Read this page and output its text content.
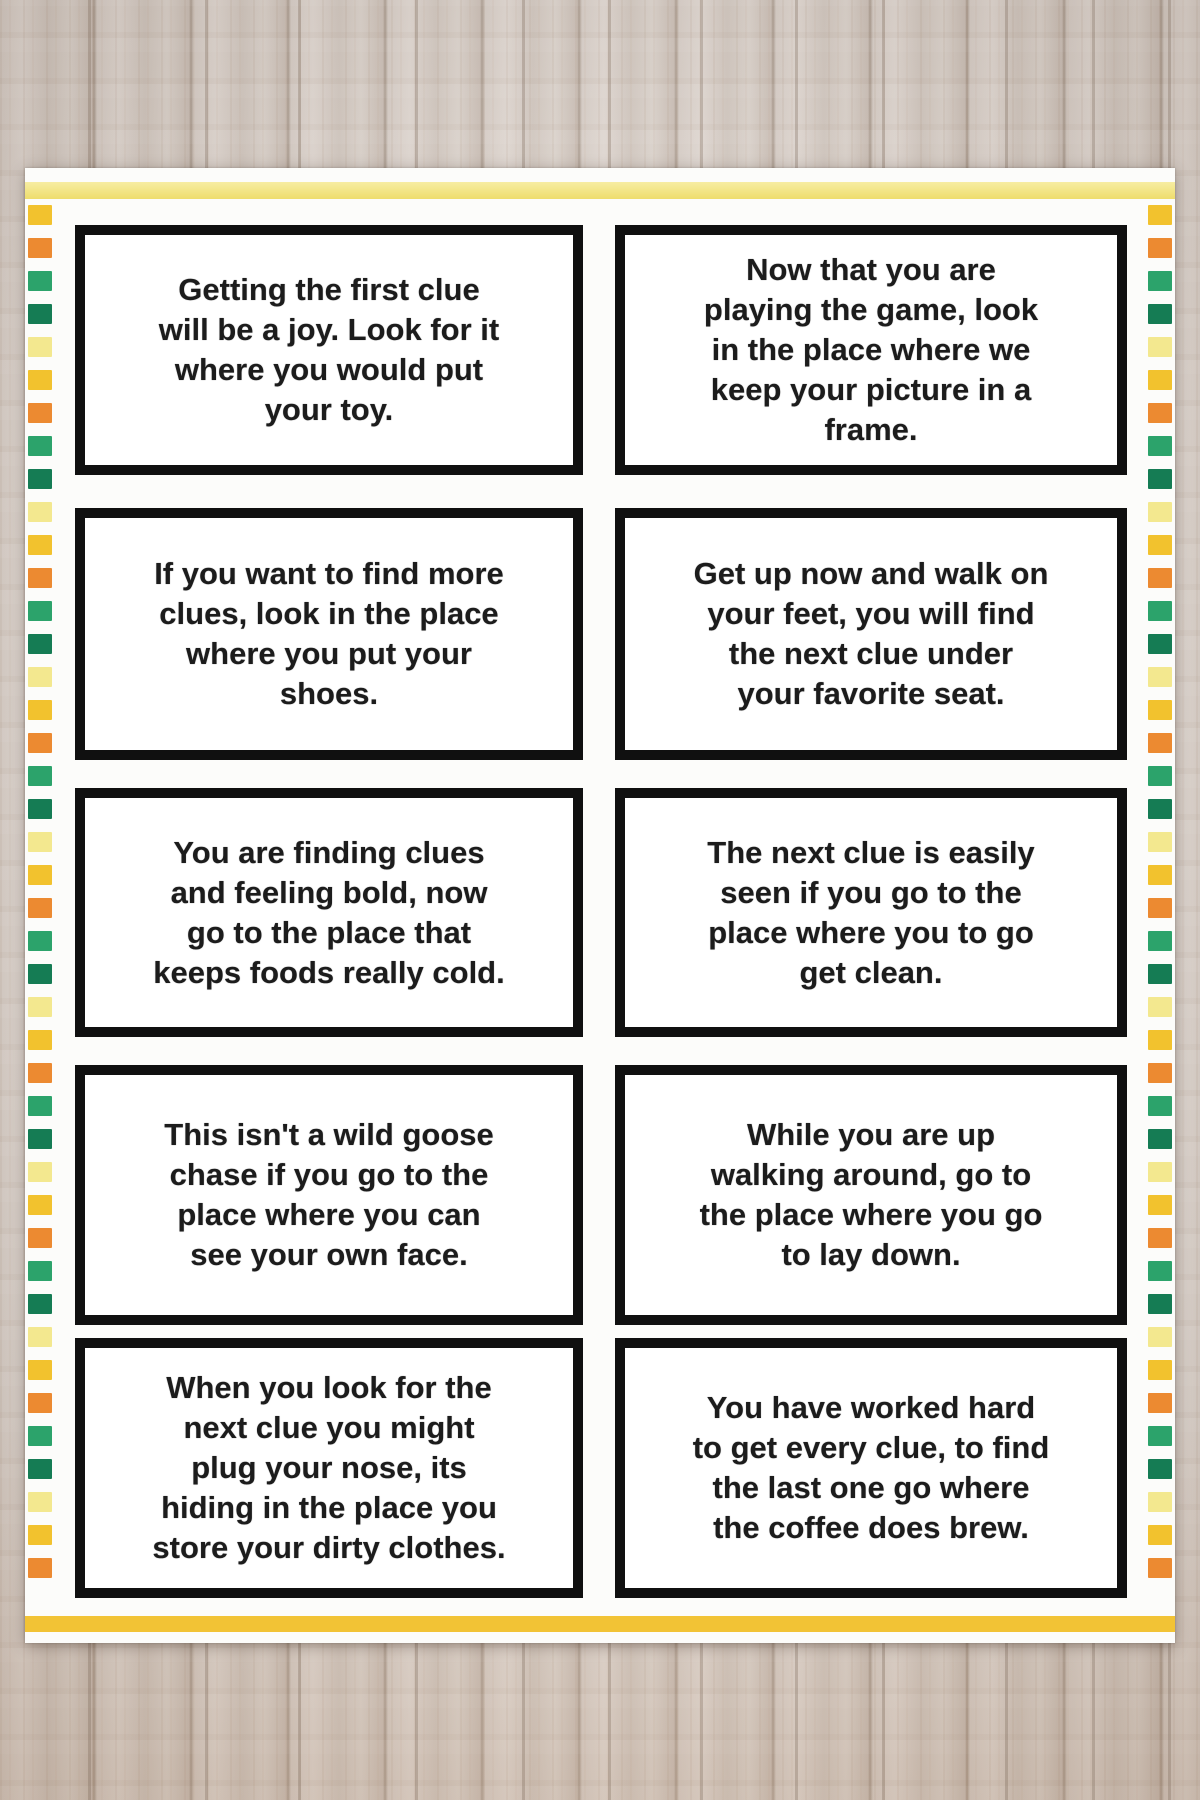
Getting the first clue
will be a joy. Look for it
where you would put
your toy.
Now that you are
playing the game, look
in the place where we
keep your picture in a
frame.
If you want to find more
clues, look in the place
where you put your
shoes.
Get up now and walk on
your feet, you will find
the next clue under
your favorite seat.
You are finding clues
and feeling bold, now
go to the place that
keeps foods really cold.
The next clue is easily
seen if you go to the
place where you to go
get clean.
This isn't a wild goose
chase if you go to the
place where you can
see your own face.
While you are up
walking around, go to
the place where you go
to lay down.
When you look for the
next clue you might
plug your nose, its
hiding in the place you
store your dirty clothes.
You have worked hard
to get every clue, to find
the last one go where
the coffee does brew.
